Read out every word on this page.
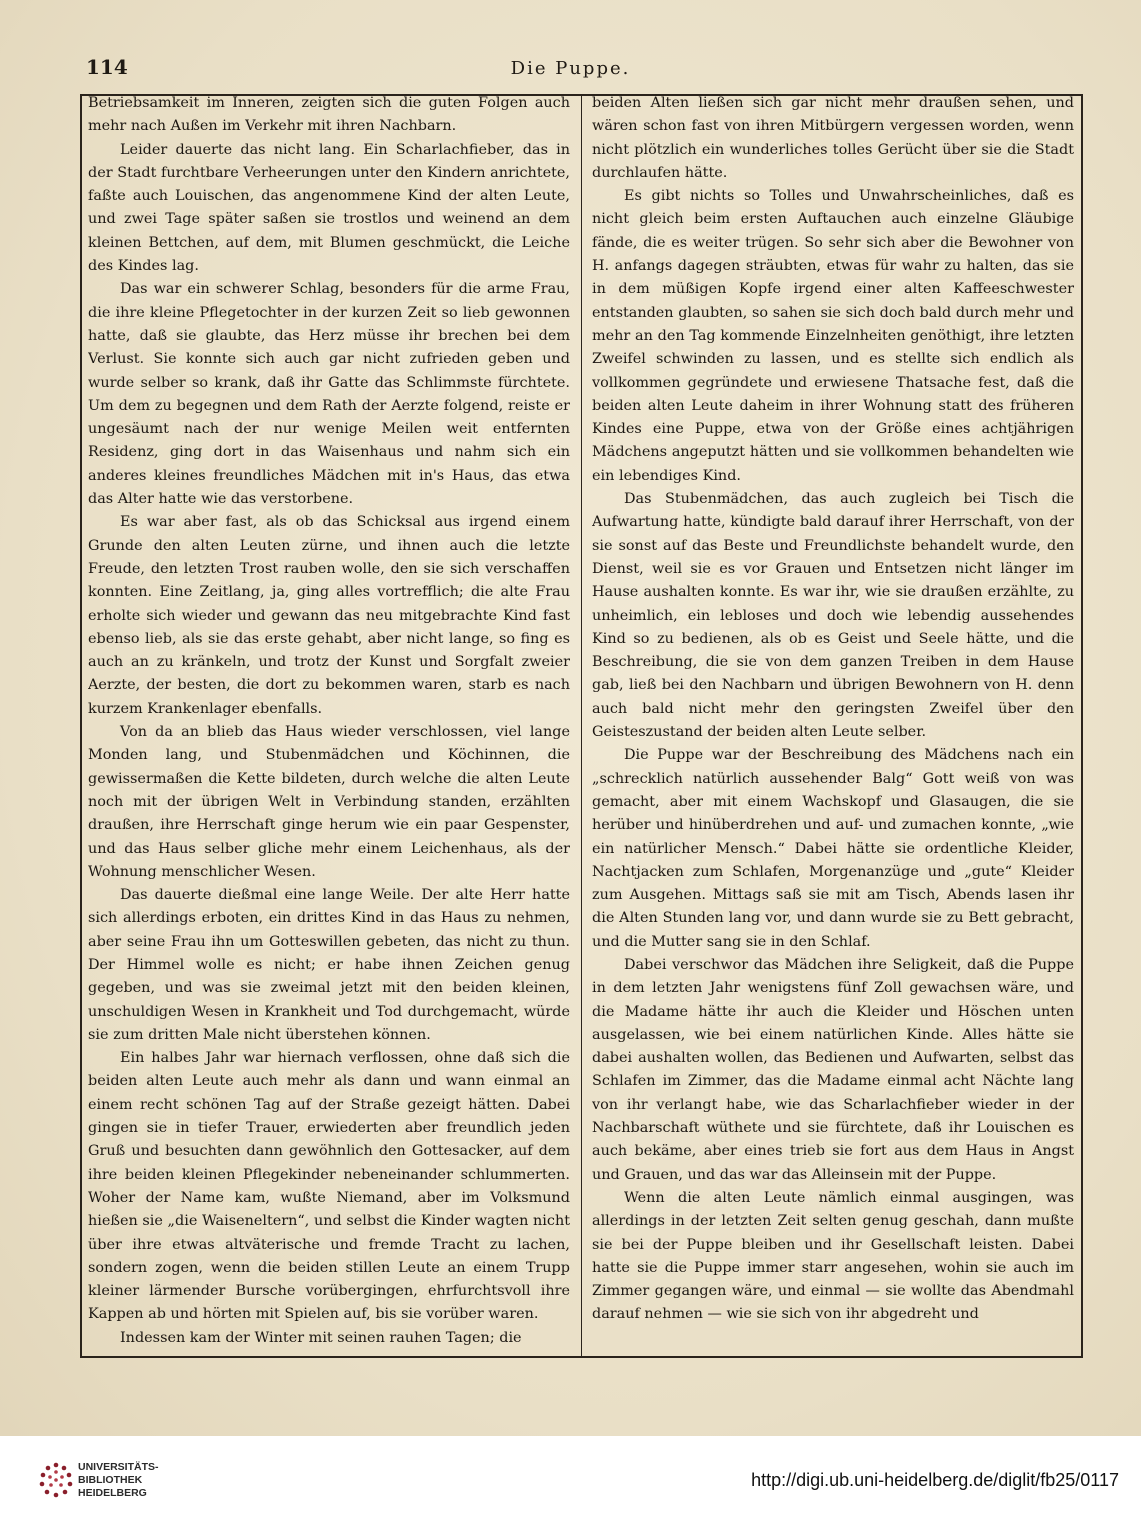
114	Die Puppe.

Betriebsamkeit im Inneren, zeigten sich die guten Folgen auch mehr nach Außen im Verkehr mit ihren Nachbarn.

Leider dauerte das nicht lang. Ein Scharlachfieber, das in der Stadt furchtbare Verheerungen unter den Kindern anrichtete, faßte auch Louischen, das angenommene Kind der alten Leute, und zwei Tage später saßen sie trostlos und weinend an dem kleinen Bettchen, auf dem, mit Blumen geschmückt, die Leiche des Kindes lag.

Das war ein schwerer Schlag, besonders für die arme Frau, die ihre kleine Pflegetochter in der kurzen Zeit so lieb gewonnen hatte, daß sie glaubte, das Herz müsse ihr brechen bei dem Verlust. Sie konnte sich auch gar nicht zufrieden geben und wurde selber so krank, daß ihr Gatte das Schlimmste fürchtete. Um dem zu begegnen und dem Rath der Aerzte folgend, reiste er ungesäumt nach der nur wenige Meilen weit entfernten Residenz, ging dort in das Waisenhaus und nahm sich ein anderes kleines freundliches Mädchen mit in's Haus, das etwa das Alter hatte wie das verstorbene.

Es war aber fast, als ob das Schicksal aus irgend einem Grunde den alten Leuten zürne, und ihnen auch die letzte Freude, den letzten Trost rauben wolle, den sie sich verschaffen konnten. Eine Zeitlang, ja, ging alles vortrefflich; die alte Frau erholte sich wieder und gewann das neu mitgebrachte Kind fast ebenso lieb, als sie das erste gehabt, aber nicht lange, so fing es auch an zu kränkeln, und trotz der Kunst und Sorgfalt zweier Aerzte, der besten, die dort zu bekommen waren, starb es nach kurzem Krankenlager ebenfalls.

Von da an blieb das Haus wieder verschlossen, viel lange Monden lang, und Stubenmädchen und Köchinnen, die gewissermaßen die Kette bildeten, durch welche die alten Leute noch mit der übrigen Welt in Verbindung standen, erzählten draußen, ihre Herrschaft ginge herum wie ein paar Gespenster, und das Haus selber gliche mehr einem Leichenhaus, als der Wohnung menschlicher Wesen.

Das dauerte dießmal eine lange Weile. Der alte Herr hatte sich allerdings erboten, ein drittes Kind in das Haus zu nehmen, aber seine Frau ihn um Gotteswillen gebeten, das nicht zu thun. Der Himmel wolle es nicht; er habe ihnen Zeichen genug gegeben, und was sie zweimal jetzt mit den beiden kleinen, unschuldigen Wesen in Krankheit und Tod durchgemacht, würde sie zum dritten Male nicht überstehen können.

Ein halbes Jahr war hiernach verflossen, ohne daß sich die beiden alten Leute auch mehr als dann und wann einmal an einem recht schönen Tag auf der Straße gezeigt hätten. Dabei gingen sie in tiefer Trauer, erwiederten aber freundlich jeden Gruß und besuchten dann gewöhnlich den Gottesacker, auf dem ihre beiden kleinen Pflegekinder nebeneinander schlummerten. Woher der Name kam, wußte Niemand, aber im Volksmund hießen sie „die Waiseneltern“, und selbst die Kinder wagten nicht über ihre etwas altväterische und fremde Tracht zu lachen, sondern zogen, wenn die beiden stillen Leute an einem Trupp kleiner lärmender Bursche vorübergingen, ehrfurchtsvoll ihre Kappen ab und hörten mit Spielen auf, bis sie vorüber waren.

Indessen kam der Winter mit seinen rauhen Tagen; die

beiden Alten ließen sich gar nicht mehr draußen sehen, und wären schon fast von ihren Mitbürgern vergessen worden, wenn nicht plötzlich ein wunderliches tolles Gerücht über sie die Stadt durchlaufen hätte.

Es gibt nichts so Tolles und Unwahrscheinliches, daß es nicht gleich beim ersten Auftauchen auch einzelne Gläubige fände, die es weiter trügen. So sehr sich aber die Bewohner von H. anfangs dagegen sträubten, etwas für wahr zu halten, das sie in dem müßigen Kopfe irgend einer alten Kaffeeschwester entstanden glaubten, so sahen sie sich doch bald durch mehr und mehr an den Tag kommende Einzelnheiten genöthigt, ihre letzten Zweifel schwinden zu lassen, und es stellte sich endlich als vollkommen gegründete und erwiesene Thatsache fest, daß die beiden alten Leute daheim in ihrer Wohnung statt des früheren Kindes eine Puppe, etwa von der Größe eines achtjährigen Mädchens angeputzt hätten und sie vollkommen behandelten wie ein lebendiges Kind.

Das Stubenmädchen, das auch zugleich bei Tisch die Aufwartung hatte, kündigte bald darauf ihrer Herrschaft, von der sie sonst auf das Beste und Freundlichste behandelt wurde, den Dienst, weil sie es vor Grauen und Entsetzen nicht länger im Hause aushalten konnte. Es war ihr, wie sie draußen erzählte, zu unheimlich, ein lebloses und doch wie lebendig aussehendes Kind so zu bedienen, als ob es Geist und Seele hätte, und die Beschreibung, die sie von dem ganzen Treiben in dem Hause gab, ließ bei den Nachbarn und übrigen Bewohnern von H. denn auch bald nicht mehr den geringsten Zweifel über den Geisteszustand der beiden alten Leute selber.

Die Puppe war der Beschreibung des Mädchens nach ein „schrecklich natürlich aussehender Balg“ Gott weiß von was gemacht, aber mit einem Wachskopf und Glasaugen, die sie herüber und hinüberdrehen und auf- und zumachen konnte, „wie ein natürlicher Mensch.“ Dabei hätte sie ordentliche Kleider, Nachtjacken zum Schlafen, Morgenanzüge und „gute“ Kleider zum Ausgehen. Mittags saß sie mit am Tisch, Abends lasen ihr die Alten Stunden lang vor, und dann wurde sie zu Bett gebracht, und die Mutter sang sie in den Schlaf.

Dabei verschwor das Mädchen ihre Seligkeit, daß die Puppe in dem letzten Jahr wenigstens fünf Zoll gewachsen wäre, und die Madame hätte ihr auch die Kleider und Höschen unten ausgelassen, wie bei einem natürlichen Kinde. Alles hätte sie dabei aushalten wollen, das Bedienen und Aufwarten, selbst das Schlafen im Zimmer, das die Madame einmal acht Nächte lang von ihr verlangt habe, wie das Scharlachfieber wieder in der Nachbarschaft wüthete und sie fürchtete, daß ihr Louischen es auch bekäme, aber eines trieb sie fort aus dem Haus in Angst und Grauen, und das war das Alleinsein mit der Puppe.

Wenn die alten Leute nämlich einmal ausgingen, was allerdings in der letzten Zeit selten genug geschah, dann mußte sie bei der Puppe bleiben und ihr Gesellschaft leisten. Dabei hatte sie die Puppe immer starr angesehen, wohin sie auch im Zimmer gegangen wäre, und einmal — sie wollte das Abendmahl darauf nehmen — wie sie sich von ihr abgedreht und

UNIVERSITÄTS-
BIBLIOTHEK
HEIDELBERG
http://digi.ub.uni-heidelberg.de/diglit/fb25/0117
